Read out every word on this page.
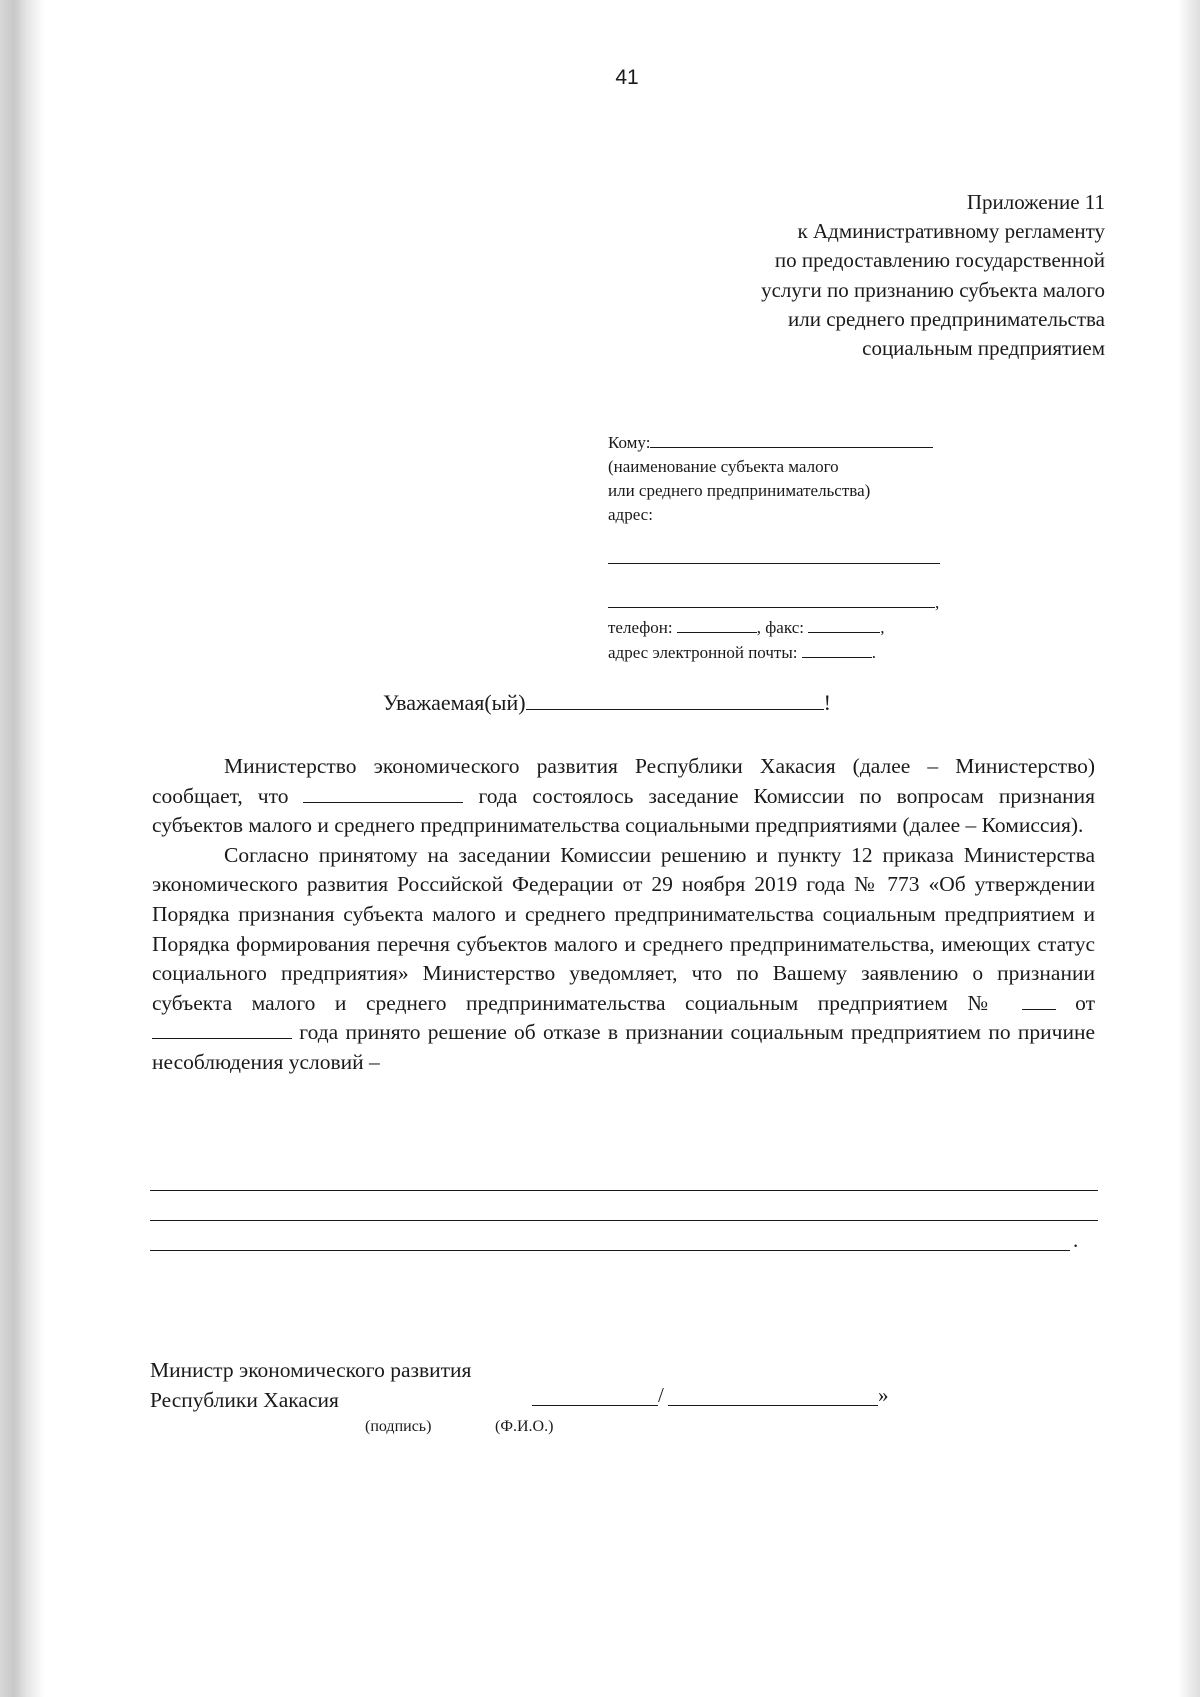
41
Приложение 11
к Административному регламенту
по предоставлению государственной
услуги по признанию субъекта малого
или среднего предпринимательства
социальным предприятием
Кому:
(наименование субъекта малого
или среднего предпринимательства)
адрес:
,
телефон:	, факс:	,
адрес электронной почты:	.
Уважаемая(ый)	!

Министерство экономического развития Республики Хакасия (далее – Министерство) сообщает, что	года состоялось заседание Комиссии по вопросам признания субъектов малого и среднего предпринимательства социальными предприятиями (далее – Комиссия).

Согласно принятому на заседании Комиссии решению и пункту 12 приказа Министерства экономического развития Российской Федерации от 29 ноября 2019 года № 773 «Об утверждении Порядка признания субъекта малого и среднего предпринимательства социальным предприятием и Порядка формирования перечня субъектов малого и среднего предпринимательства, имеющих статус социального предприятия» Министерство уведомляет, что по Вашему заявлению о признании субъекта малого и среднего предпринимательства социальным предприятием №	от  года принято решение об отказе в признании социальным предприятием по причине несоблюдения условий –

.
Министр экономического развития
Республики Хакасия	/	»
(подпись)	(Ф.И.О.)
